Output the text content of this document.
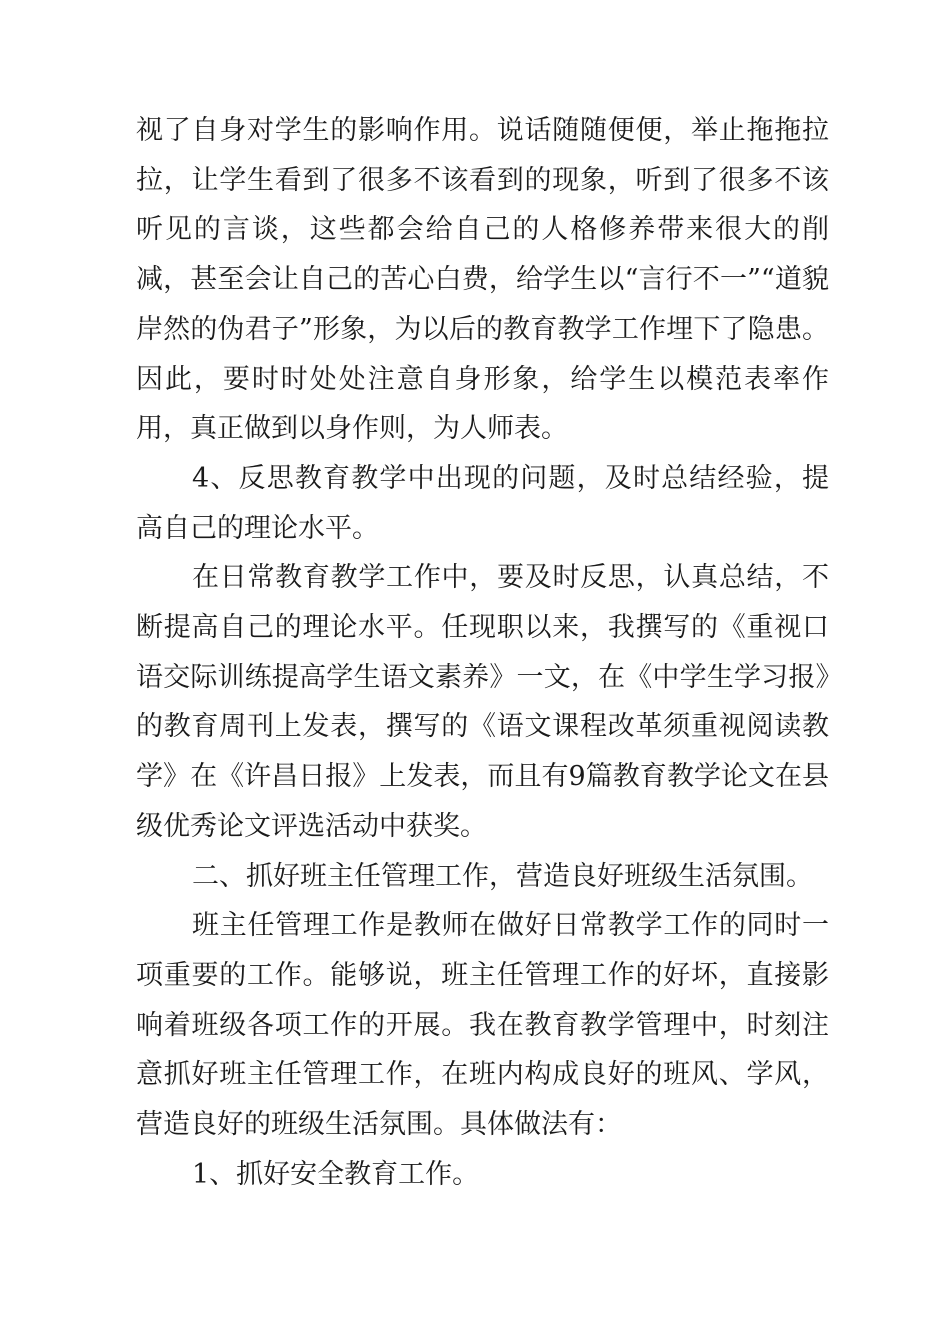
视了自身对学生的影响作用。说话随随便便，举止拖拖拉拉，让学生看到了很多不该看到的现象，听到了很多不该听见的言谈，这些都会给自己的人格修养带来很大的削减，甚至会让自己的苦心白费，给学生以“言行不一”“道貌岸然的伪君子”形象，为以后的教育教学工作埋下了隐患。因此，要时时处处注意自身形象，给学生以模范表率作用，真正做到以身作则，为人师表。

4、反思教育教学中出现的问题，及时总结经验，提高自己的理论水平。

在日常教育教学工作中，要及时反思，认真总结，不断提高自己的理论水平。任现职以来，我撰写的《重视口语交际训练提高学生语文素养》一文，在《中学生学习报》的教育周刊上发表，撰写的《语文课程改革须重视阅读教学》在《许昌日报》上发表，而且有9篇教育教学论文在县级优秀论文评选活动中获奖。

二、抓好班主任管理工作，营造良好班级生活氛围。

班主任管理工作是教师在做好日常教学工作的同时一项重要的工作。能够说，班主任管理工作的好坏，直接影响着班级各项工作的开展。我在教育教学管理中，时刻注意抓好班主任管理工作，在班内构成良好的班风、学风，营造良好的班级生活氛围。具体做法有：

1、抓好安全教育工作。
